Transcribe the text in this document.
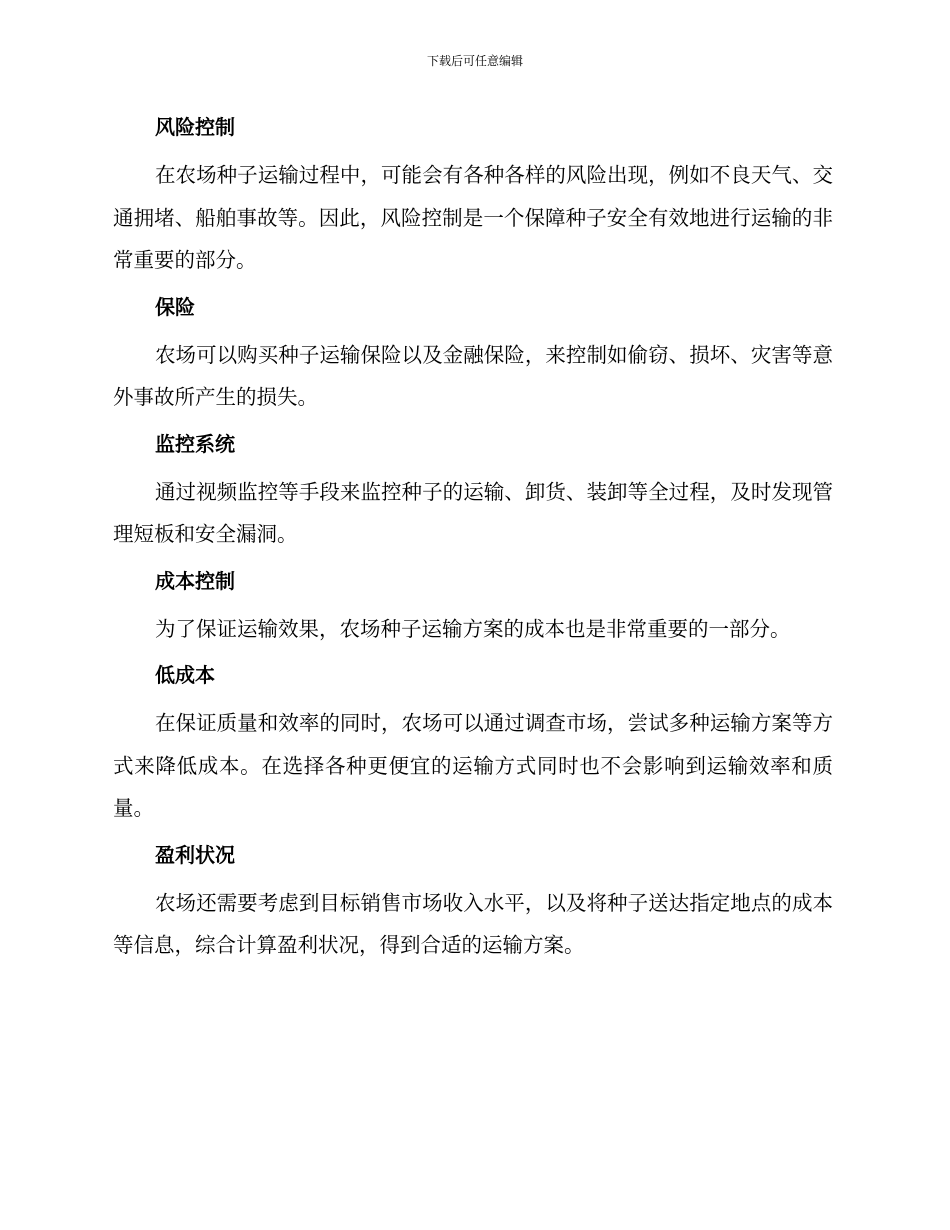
下载后可任意编辑
风险控制

在农场种子运输过程中，可能会有各种各样的风险出现，例如不良天气、交通拥堵、船舶事故等。因此，风险控制是一个保障种子安全有效地进行运输的非常重要的部分。

保险

农场可以购买种子运输保险以及金融保险，来控制如偷窃、损坏、灾害等意外事故所产生的损失。

监控系统

通过视频监控等手段来监控种子的运输、卸货、装卸等全过程，及时发现管理短板和安全漏洞。

成本控制

为了保证运输效果，农场种子运输方案的成本也是非常重要的一部分。

低成本

在保证质量和效率的同时，农场可以通过调查市场，尝试多种运输方案等方式来降低成本。在选择各种更便宜的运输方式同时也不会影响到运输效率和质量。

盈利状况

农场还需要考虑到目标销售市场收入水平，以及将种子送达指定地点的成本等信息，综合计算盈利状况，得到合适的运输方案。
